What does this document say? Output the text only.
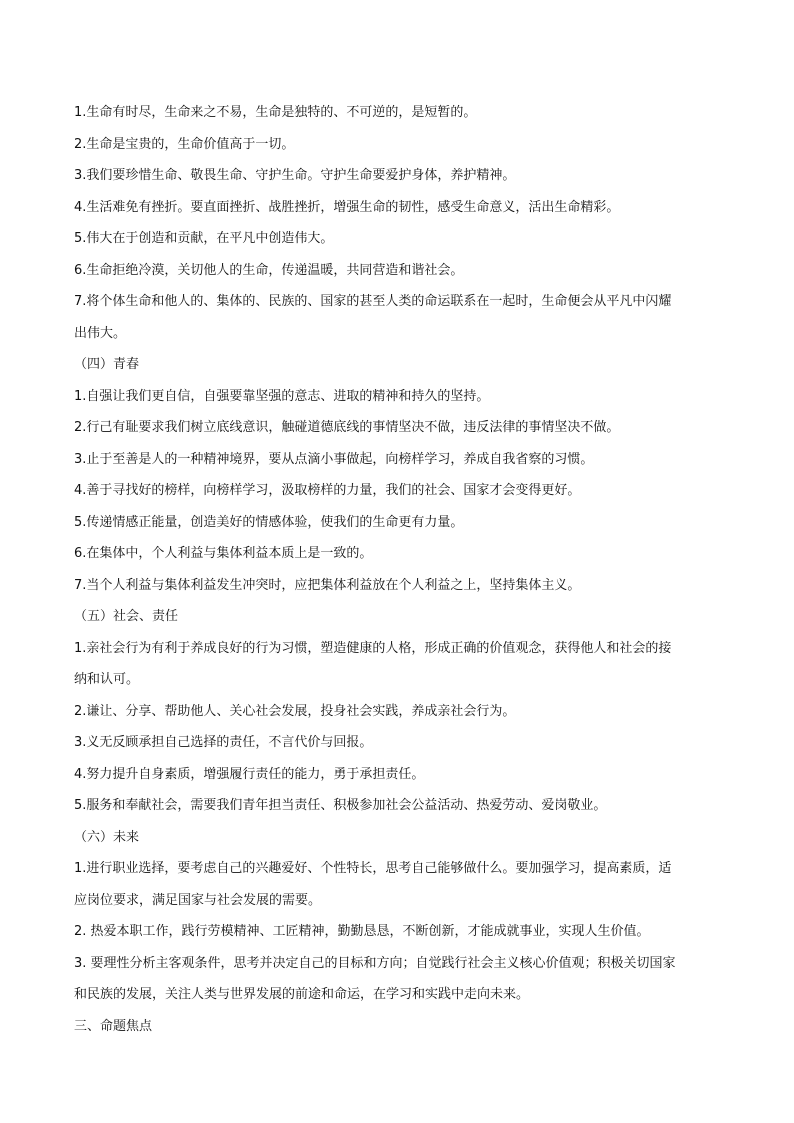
1.生命有时尽，生命来之不易，生命是独特的、不可逆的，是短暂的。
2.生命是宝贵的，生命价值高于一切。
3.我们要珍惜生命、敬畏生命、守护生命。守护生命要爱护身体，养护精神。
4.生活难免有挫折。要直面挫折、战胜挫折，增强生命的韧性，感受生命意义，活出生命精彩。
5.伟大在于创造和贡献，在平凡中创造伟大。
6.生命拒绝冷漠，关切他人的生命，传递温暖，共同营造和谐社会。
7.将个体生命和他人的、集体的、民族的、国家的甚至人类的命运联系在一起时，生命便会从平凡中闪耀
出伟大。
（四）青春
1.自强让我们更自信，自强要靠坚强的意志、进取的精神和持久的坚持。
2.行己有耻要求我们树立底线意识，触碰道德底线的事情坚决不做，违反法律的事情坚决不做。
3.止于至善是人的一种精神境界，要从点滴小事做起，向榜样学习，养成自我省察的习惯。
4.善于寻找好的榜样，向榜样学习，汲取榜样的力量，我们的社会、国家才会变得更好。
5.传递情感正能量，创造美好的情感体验，使我们的生命更有力量。
6.在集体中，个人利益与集体利益本质上是一致的。
7.当个人利益与集体利益发生冲突时，应把集体利益放在个人利益之上，坚持集体主义。
（五）社会、责任
1.亲社会行为有利于养成良好的行为习惯，塑造健康的人格，形成正确的价值观念，获得他人和社会的接
纳和认可。
2.谦让、分享、帮助他人、关心社会发展，投身社会实践，养成亲社会行为。
3.义无反顾承担自己选择的责任，不言代价与回报。
4.努力提升自身素质，增强履行责任的能力，勇于承担责任。
5.服务和奉献社会，需要我们青年担当责任、积极参加社会公益活动、热爱劳动、爱岗敬业。
（六）未来
1.进行职业选择，要考虑自己的兴趣爱好、个性特长，思考自己能够做什么。要加强学习，提高素质，适
应岗位要求，满足国家与社会发展的需要。
2. 热爱本职工作，践行劳模精神、工匠精神，勤勤恳恳，不断创新，才能成就事业，实现人生价值。
3. 要理性分析主客观条件，思考并决定自己的目标和方向；自觉践行社会主义核心价值观；积极关切国家
和民族的发展，关注人类与世界发展的前途和命运，在学习和实践中走向未来。
三、命题焦点
